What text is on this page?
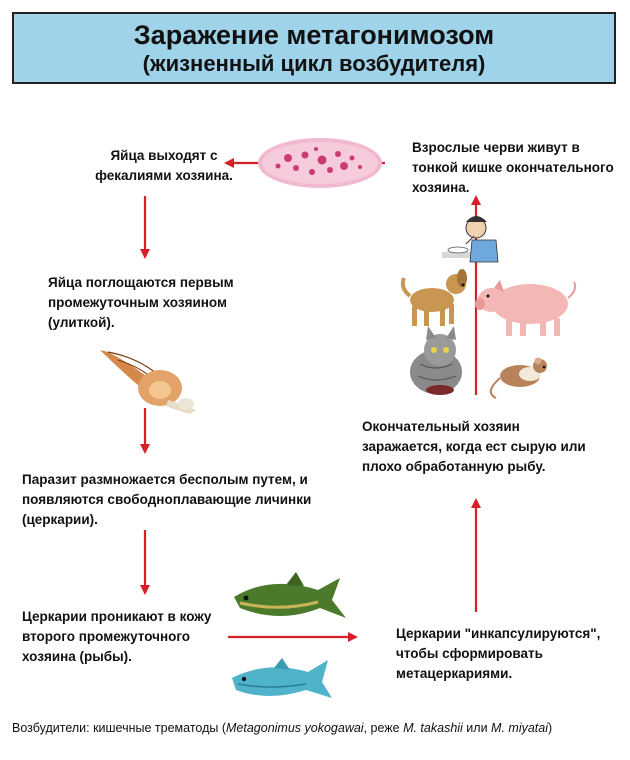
Заражение метагонимозом
(жизненный цикл возбудителя)
Яйца выходят с
фекалиями хозяина.
Яйца поглощаются первым
промежуточным хозяином
(улиткой).
Паразит размножается бесполым путем, и
появляются свободноплавающие личинки
(церкарии).
Церкарии проникают в кожу
второго промежуточного
хозяина (рыбы).
Церкарии "инкапсулируются",
чтобы сформировать
метацеркариями.
Окончательный хозяин
заражается, когда ест сырую или
плохо обработанную рыбу.
Взрослые черви живут в
тонкой кишке окончательного
хозяина.
Возбудители: кишечные трематоды (Metagonimus yokogawai, реже M. takashii или M. miyatai)
